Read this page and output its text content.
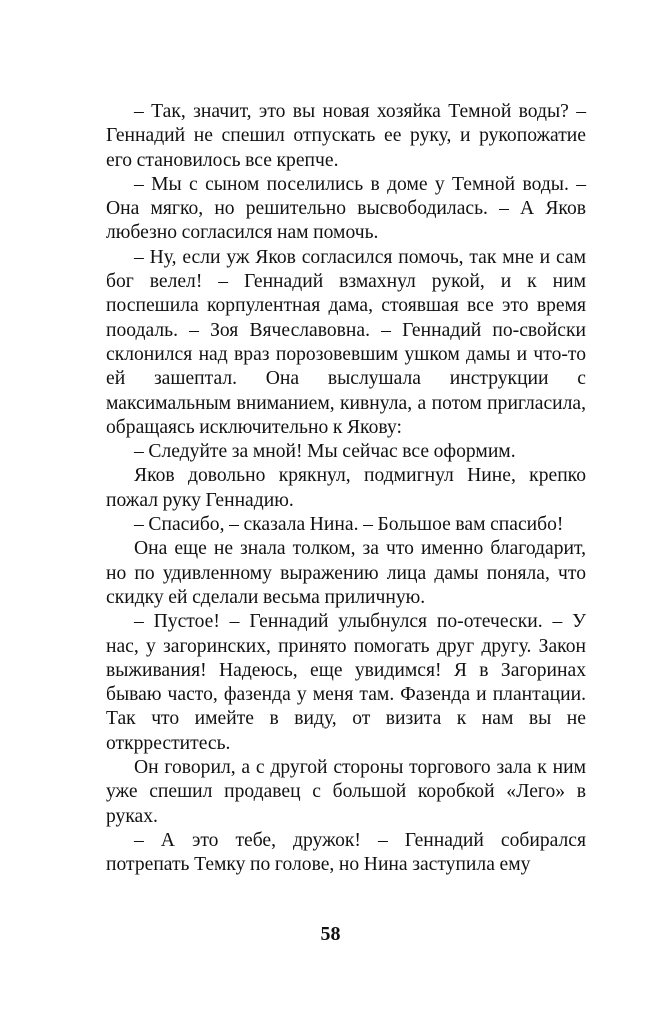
– Так, значит, это вы новая хозяйка Темной воды? – Геннадий не спешил отпускать ее руку, и рукопожатие его становилось все крепче.

– Мы с сыном поселились в доме у Темной воды. – Она мягко, но решительно высвободилась. – А Яков любезно согласился нам помочь.

– Ну, если уж Яков согласился помочь, так мне и сам бог велел! – Геннадий взмахнул рукой, и к ним поспешила корпулентная дама, стоявшая все это время поодаль. – Зоя Вячеславовна. – Геннадий по-свойски склонился над враз порозовевшим ушком дамы и что-то ей зашептал. Она выслушала инструкции с максимальным вниманием, кивнула, а потом пригласила, обращаясь исключительно к Якову:

– Следуйте за мной! Мы сейчас все оформим.

Яков довольно крякнул, подмигнул Нине, крепко пожал руку Геннадию.

– Спасибо, – сказала Нина. – Большое вам спасибо!

Она еще не знала толком, за что именно благодарит, но по удивленному выражению лица дамы поняла, что скидку ей сделали весьма приличную.

– Пустое! – Геннадий улыбнулся по-отечески. – У нас, у загоринских, принято помогать друг другу. Закон выживания! Надеюсь, еще увидимся! Я в Загоринах бываю часто, фазенда у меня там. Фазенда и плантации. Так что имейте в виду, от визита к нам вы не открреститесь.

Он говорил, а с другой стороны торгового зала к ним уже спешил продавец с большой коробкой «Лего» в руках.

– А это тебе, дружок! – Геннадий собирался потрепать Темку по голове, но Нина заступила ему

58
